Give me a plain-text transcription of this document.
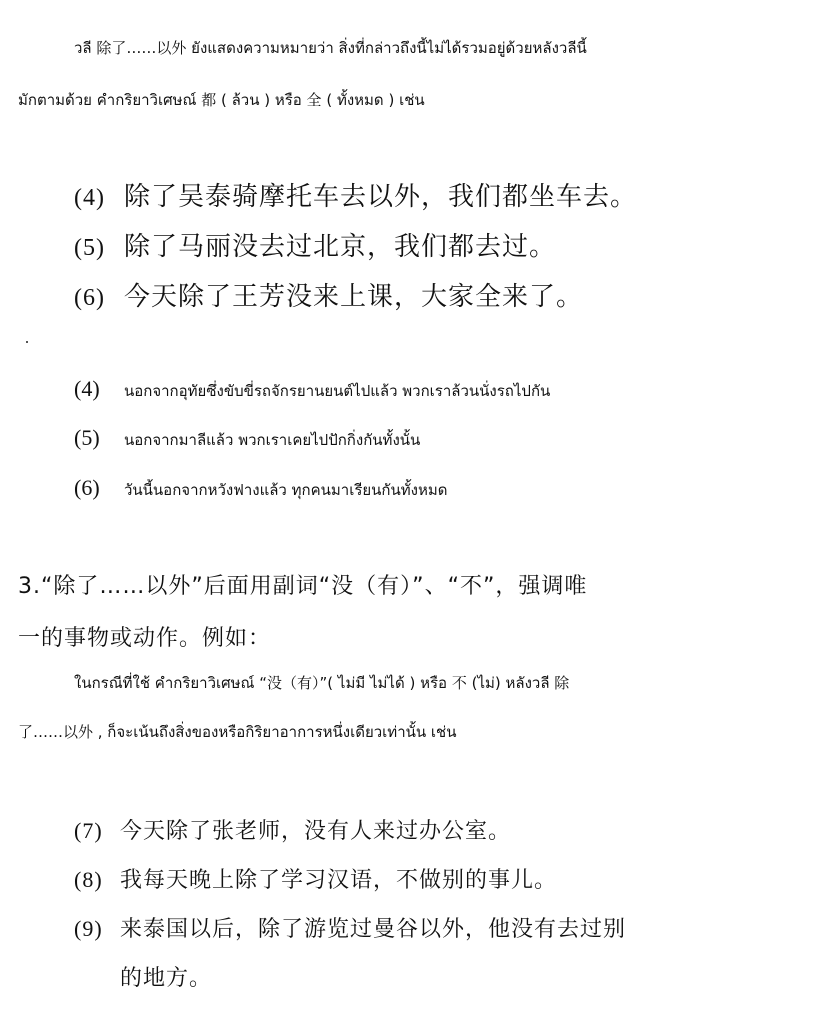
วลี 除了……以外 ยังแสดงความหมายว่า สิ่งที่กล่าวถึงนี้ไม่ได้รวมอยู่ด้วยหลังวลีนี้

มักตามด้วย คำกริยาวิเศษณ์ 都 ( ล้วน ) หรือ 全 ( ทั้งหมด ) เช่น

(4) 除了吴泰骑摩托车去以外，我们都坐车去。
(5) 除了马丽没去过北京，我们都去过。
(6) 今天除了王芳没来上课，大家全来了。
(4) นอกจากอุทัยซึ่งขับขี่รถจักรยานยนต์ไปแล้ว พวกเราล้วนนั่งรถไปกัน
(5) นอกจากมาลีแล้ว พวกเราเคยไปปักกิ่งกันทั้งนั้น
(6) วันนี้นอกจากหวังฟางแล้ว ทุกคนมาเรียนกันทั้งหมด

3.“除了……以外”后面用副词“没（有）”、“不”，强调唯

一的事物或动作。例如：

ในกรณีที่ใช้ คำกริยาวิเศษณ์ “没（有）”( ไม่มี ไม่ได้ ) หรือ 不 (ไม่) หลังวลี 除

了……以外 , ก็จะเน้นถึงสิ่งของหรือกิริยาอาการหนึ่งเดียวเท่านั้น เช่น

(7) 今天除了张老师，没有人来过办公室。
(8) 我每天晚上除了学习汉语，不做别的事儿。
(9) 来泰国以后，除了游览过曼谷以外，他没有去过别

的地方。
